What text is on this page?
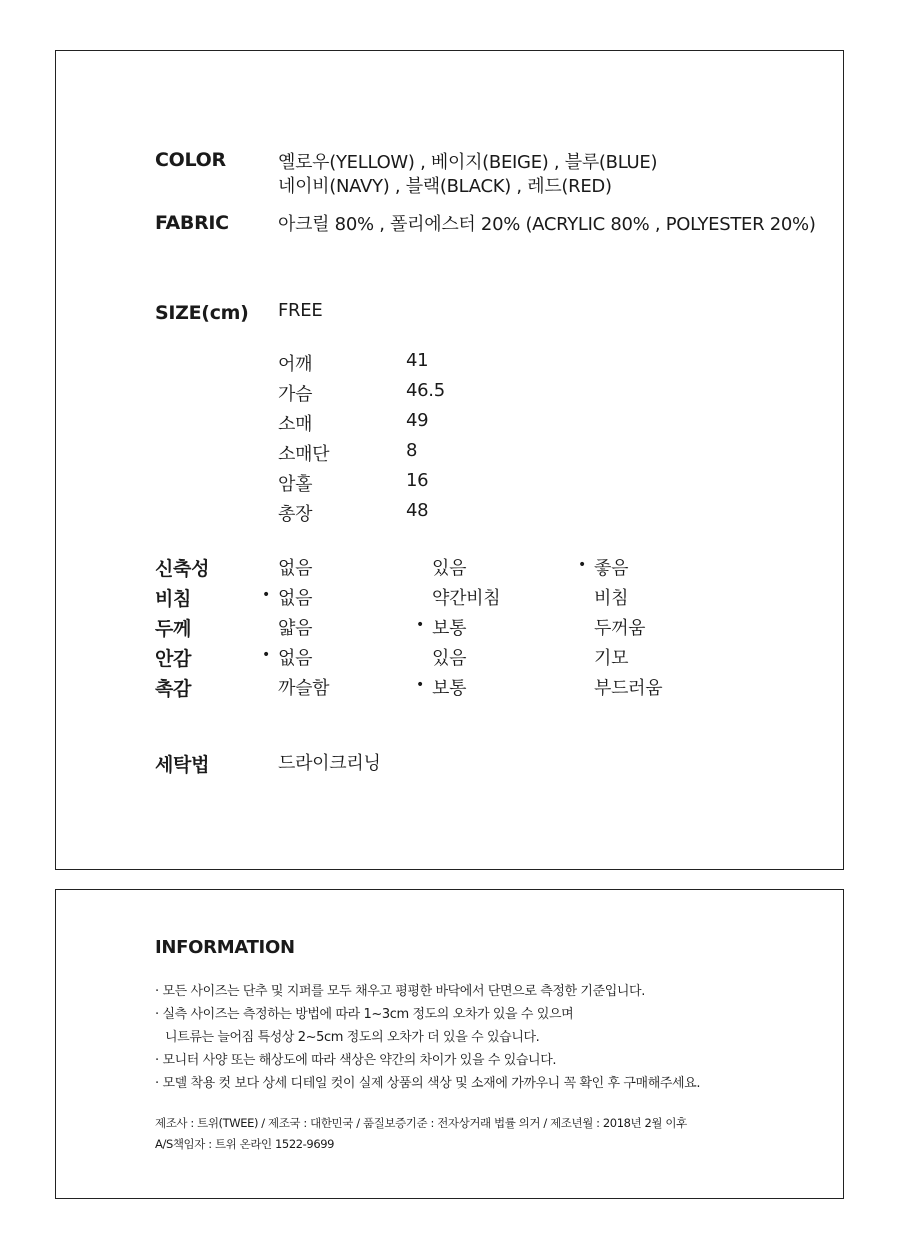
COLOR	옐로우(YELLOW) , 베이지(BEIGE) , 블루(BLUE)
네이비(NAVY) , 블랙(BLACK) , 레드(RED)
FABRIC	아크릴 80% , 폴리에스터 20% (ACRYLIC 80% , POLYESTER 20%)
SIZE(cm) FREE
어깨	41
가슴	46.5
소매	49
소매단	8
암홀	16
총장	48
신축성	없음	있음	• 좋음
비침	• 없음	약간비침	비침
두께	얇음	• 보통	두꺼움
안감	• 없음	있음	기모
촉감	까슬함	• 보통	부드러움
세탁법	드라이크리닝
INFORMATION
· 모든 사이즈는 단추 및 지퍼를 모두 채우고 평평한 바닥에서 단면으로 측정한 기준입니다.
· 실측 사이즈는 측정하는 방법에 따라 1~3cm 정도의 오차가 있을 수 있으며
니트류는 늘어짐 특성상 2~5cm 정도의 오차가 더 있을 수 있습니다.
· 모니터 사양 또는 해상도에 따라 색상은 약간의 차이가 있을 수 있습니다.
· 모델 착용 컷 보다 상세 디테일 컷이 실제 상품의 색상 및 소재에 가까우니 꼭 확인 후 구매해주세요.
제조사 : 트위(TWEE) / 제조국 : 대한민국 / 품질보증기준 : 전자상거래 법률 의거 / 제조년월 : 2018년 2월 이후
A/S책임자 : 트위 온라인 1522-9699
